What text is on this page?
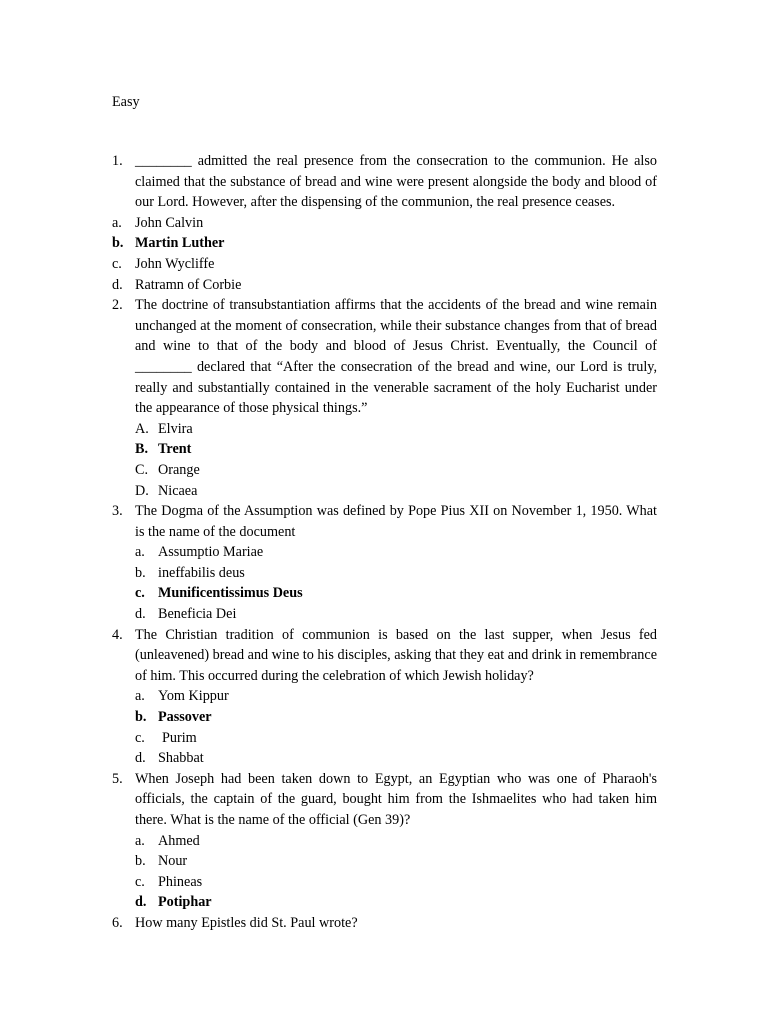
Easy
1. ________ admitted the real presence from the consecration to the communion. He also claimed that the substance of bread and wine were present alongside the body and blood of our Lord. However, after the dispensing of the communion, the real presence ceases.
a. John Calvin
b. Martin Luther
c. John Wycliffe
d. Ratramn of Corbie
2. The doctrine of transubstantiation affirms that the accidents of the bread and wine remain unchanged at the moment of consecration, while their substance changes from that of bread and wine to that of the body and blood of Jesus Christ. Eventually, the Council of ________ declared that “After the consecration of the bread and wine, our Lord is truly, really and substantially contained in the venerable sacrament of the holy Eucharist under the appearance of those physical things.”
A. Elvira
B. Trent
C. Orange
D. Nicaea
3. The Dogma of the Assumption was defined by Pope Pius XII on November 1, 1950. What is the name of the document
a. Assumptio Mariae
b. ineffabilis deus
c. Munificentissimus Deus
d. Beneficia Dei
4. The Christian tradition of communion is based on the last supper, when Jesus fed (unleavened) bread and wine to his disciples, asking that they eat and drink in remembrance of him. This occurred during the celebration of which Jewish holiday?
a. Yom Kippur
b. Passover
c. Purim
d. Shabbat
5. When Joseph had been taken down to Egypt, an Egyptian who was one of Pharaoh's officials, the captain of the guard, bought him from the Ishmaelites who had taken him there. What is the name of the official (Gen 39)?
a. Ahmed
b. Nour
c. Phineas
d. Potiphar
6. How many Epistles did St. Paul wrote?
